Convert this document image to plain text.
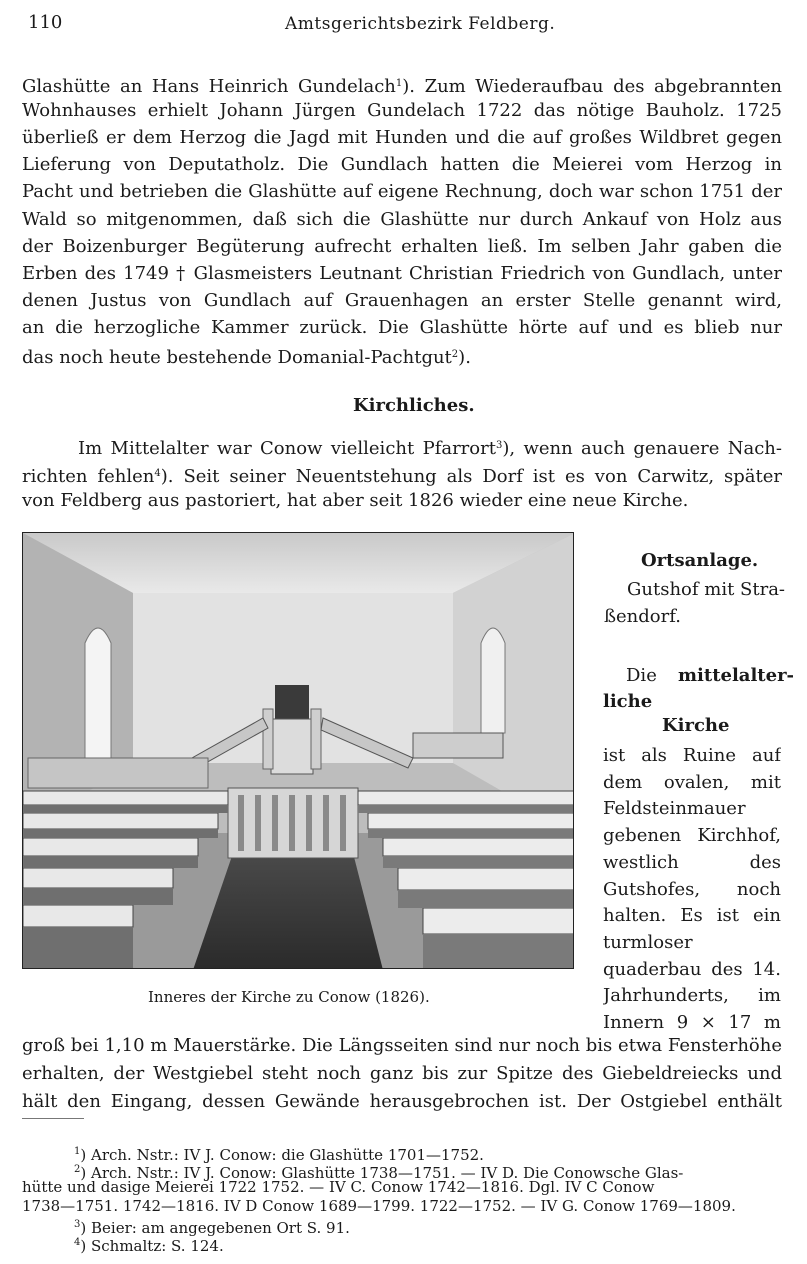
110	Amtsgerichtsbezirk Feldberg.
Glashütte an Hans Heinrich Gundelach$^1$). Zum Wiederaufbau des abgebrannten
Wohnhauses erhielt Johann Jürgen Gundelach 1722 das nötige Bauholz. 1725
überließ er dem Herzog die Jagd mit Hunden und die auf großes Wildbret gegen
Lieferung von Deputatholz. Die Gundlach hatten die Meierei vom Herzog in
Pacht und betrieben die Glashütte auf eigene Rechnung, doch war schon 1751 der
Wald so mitgenommen, daß sich die Glashütte nur durch Ankauf von Holz aus
der Boizenburger Begüterung aufrecht erhalten ließ. Im selben Jahr gaben die
Erben des 1749 † Glasmeisters Leutnant Christian Friedrich von Gundlach, unter
denen Justus von Gundlach auf Grauenhagen an erster Stelle genannt wird,
an die herzogliche Kammer zurück. Die Glashütte hörte auf und es blieb nur
das noch heute bestehende Domanial-Pachtgut$^2$).
Kirchliches.
Im Mittelalter war Conow vielleicht Pfarrort$^3$), wenn auch genauere Nach-
richten fehlen$^4$). Seit seiner Neuentstehung als Dorf ist es von Carwitz, später
von Feldberg aus pastoriert, hat aber seit 1826 wieder eine neue Kirche.
Inneres der Kirche zu Conow (1826).
Ortsanlage.
Gutshof mit Stra-
ßendorf.
Die mittelalter-
liche
Kirche
ist als Ruine auf
dem ovalen, mit
Feldsteinmauer
gebenen Kirchhof,
westlich des
Gutshofes, noch
halten. Es ist ein
turmloser
quaderbau des 14.
Jahrhunderts, im
Innern 9 × 17 m
groß bei 1,10 m Mauerstärke. Die Längsseiten sind nur noch bis etwa Fensterhöhe
erhalten, der Westgiebel steht noch ganz bis zur Spitze des Giebeldreiecks und
hält den Eingang, dessen Gewände herausgebrochen ist. Der Ostgiebel enthält
$^1$) Arch. Nstr.: IV J. Conow: die Glashütte 1701—1752.
$^2$) Arch. Nstr.: IV J. Conow: Glashütte 1738—1751. — IV D. Die Conowsche Glas-
hütte und dasige Meierei 1722 1752. — IV C. Conow 1742—1816. Dgl. IV C Conow
1738—1751. 1742—1816. IV D Conow 1689—1799. 1722—1752. — IV G. Conow 1769—1809.
$^3$) Beier: am angegebenen Ort S. 91.
$^4$) Schmaltz: S. 124.
